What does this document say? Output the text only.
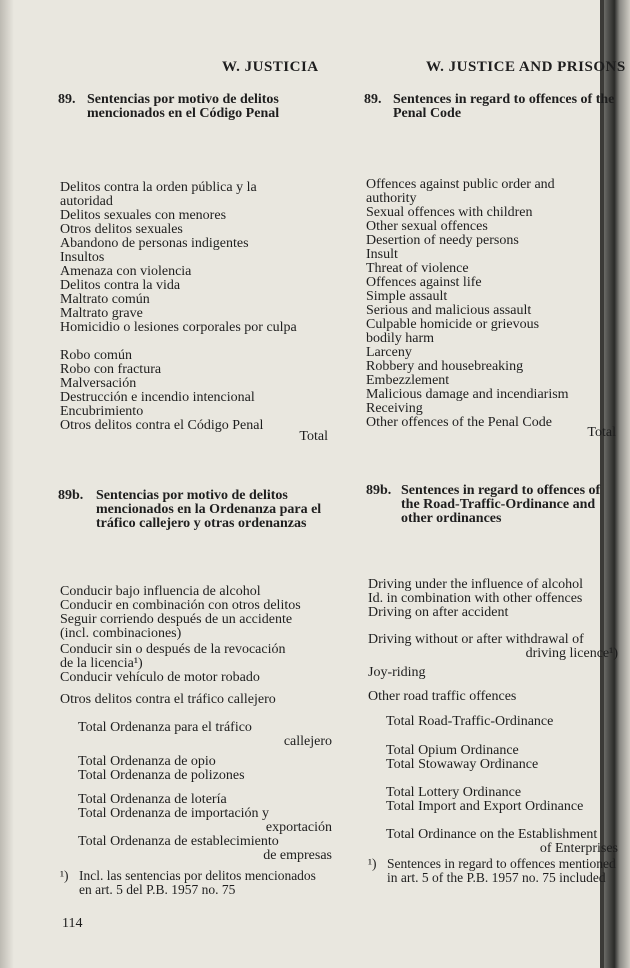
W. JUSTICIA	W. JUSTICE AND PRISONS
89. Sentencias por motivo de delitos mencionados en el Código Penal
89. Sentences in regard to offences of the Penal Code
Delitos contra la orden pública y la
autoridad
Delitos sexuales con menores
Otros delitos sexuales
Abandono de personas indigentes
Insultos
Amenaza con violencia
Delitos contra la vida
Maltrato común
Maltrato grave
Homicidio o lesiones corporales por culpa

Robo común
Robo con fractura
Malversación
Destrucción e incendio intencional
Encubrimiento
Otros delitos contra el Código Penal
Total
Offences against public order and
authority
Sexual offences with children
Other sexual offences
Desertion of needy persons
Insult
Threat of violence
Offences against life
Simple assault
Serious and malicious assault
Culpable homicide or grievous
bodily harm
Larceny
Robbery and housebreaking
Embezzlement
Malicious damage and incendiarism
Receiving
Other offences of the Penal Code
Total
89b. Sentencias por motivo de delitos mencionados en la Ordenanza para el tráfico callejero y otras ordenanzas
89b. Sentences in regard to offences of the Road-Traffic-Ordinance and other ordinances
Conducir bajo influencia de alcohol
Conducir en combinación con otros delitos
Seguir corriendo después de un accidente
(incl. combinaciones)
Conducir sin o después de la revocación
de la licencia¹)
Conducir vehículo de motor robado
Otros delitos contra el tráfico callejero
Total Ordenanza para el tráfico
callejero
Total Ordenanza de opio
Total Ordenanza de polizones
Total Ordenanza de lotería
Total Ordenanza de importación y
exportación
Total Ordenanza de establecimiento
de empresas
Driving under the influence of alcohol
Id. in combination with other offences
Driving on after accident
Driving without or after withdrawal of
driving licence¹)
Joy-riding
Other road traffic offences
Total Road-Traffic-Ordinance
Total Opium Ordinance
Total Stowaway Ordinance
Total Lottery Ordinance
Total Import and Export Ordinance
Total Ordinance on the Establishment
of Enterprises
¹) Incl. las sentencias por delitos mencionados en art. 5 del P.B. 1957 no. 75
¹) Sentences in regard to offences mentioned in art. 5 of the P.B. 1957 no. 75 included
114
